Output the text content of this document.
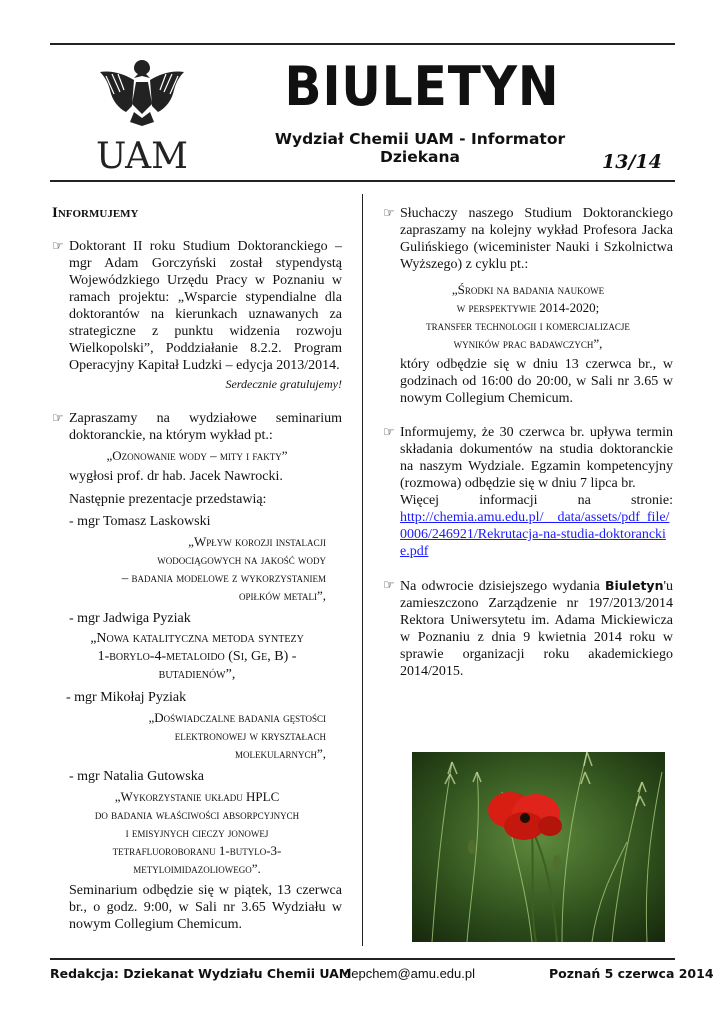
UAM
BIULETYN
Wydział Chemii UAM - Informator Dziekana	13/14
Informujemy
☞ Doktorant II roku Studium Doktoranckiego – mgr Adam Gorczyński został stypendystą Wojewódzkiego Urzędu Pracy w Poznaniu w ramach projektu: „Wsparcie stypendialne dla doktorantów na kierunkach uznawanych za strategiczne z punktu widzenia rozwoju Wielkopolski”, Poddziałanie 8.2.2. Program Operacyjny Kapitał Ludzki – edycja 2013/2014.
Serdecznie gratulujemy!
☞ Zapraszamy na wydziałowe seminarium doktoranckie, na którym wykład pt.:
„Ozonowanie wody – mity i fakty”
wygłosi prof. dr hab. Jacek Nawrocki.
Następnie prezentacje przedstawią:
- mgr Tomasz Laskowski
„Wpływ korozji instalacji
wodociągowych na jakość wody
– badania modelowe z wykorzystaniem
opiłków metali”,
- mgr Jadwiga Pyziak
„Nowa katalityczna metoda syntezy
1-borylo-4-metaloido (Si, Ge, B) -
butadienów”,
- mgr Mikołaj Pyziak
„Doświadczalne badania gęstości
elektronowej w kryształach
molekularnych”,
- mgr Natalia Gutowska
„Wykorzystanie układu HPLC
do badania właściwości absorpcyjnych
i emisyjnych cieczy jonowej
tetrafluoroboranu 1-butylo-3-
metyloimidazoliowego”.
Seminarium odbędzie się w piątek, 13 czerwca br., o godz. 9:00, w Sali nr 3.65 Wydziału w nowym Collegium Chemicum.
☞ Słuchaczy naszego Studium Doktoranckiego zapraszamy na kolejny wykład Profesora Jacka Gulińskiego (wiceminister Nauki i Szkolnictwa Wyższego) z cyklu pt.:
„Środki na badania naukowe
w perspektywie 2014-2020;
transfer technologii i komercjalizacje
wyników prac badawczych”,
który odbędzie się w dniu 13 czerwca br., w godzinach od 16:00 do 20:00, w Sali nr 3.65 w nowym Collegium Chemicum.
☞ Informujemy, że 30 czerwca br. upływa termin składania dokumentów na studia doktoranckie na naszym Wydziale. Egzamin kompetencyjny (rozmowa) odbędzie się w dniu 7 lipca br.
Więcej informacji na stronie:
http://chemia.amu.edu.pl/__data/assets/pdf_file/0006/246921/Rekrutacja-na-studia-doktoranckie.pdf
☞ Na odwrocie dzisiejszego wydania Biuletyn'u zamieszczono Zarządzenie nr 197/2013/2014 Rektora Uniwersytetu im. Adama Mickiewicza w Poznaniu z dnia 9 kwietnia 2014 roku w sprawie organizacji roku akademickiego 2014/2015.
Redakcja: Dziekanat Wydziału Chemii UAM
depchem@amu.edu.pl	Poznań 5 czerwca 2014
